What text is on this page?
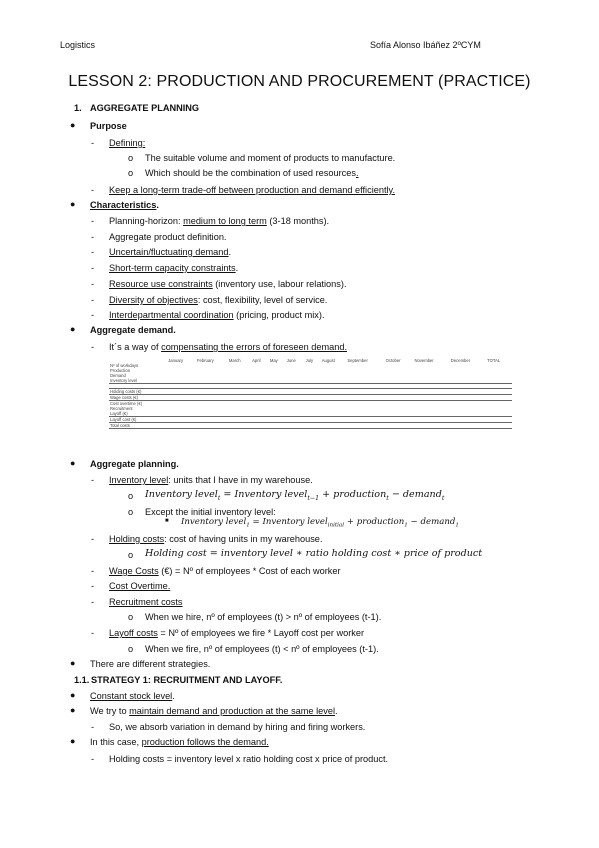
Logistics	Sofía Alonso Ibáñez 2ºCYM
LESSON 2: PRODUCTION AND PROCUREMENT (PRACTICE)
1. AGGREGATE PLANNING
● Purpose
- Defining:
o The suitable volume and moment of products to manufacture.
o Which should be the combination of used resources.
- Keep a long-term trade-off between production and demand efficiently.
● Characteristics.
- Planning-horizon: medium to long term (3-18 months).
- Aggregate product definition.
- Uncertain/fluctuating demand.
- Short-term capacity constraints.
- Resource use constraints (inventory use, labour relations).
- Diversity of objectives: cost, flexibility, level of service.
- Interdepartmental coordination (pricing, product mix).
● Aggregate demand.
- It´s a way of compensating the errors of foreseen demand.
	January	February	March	April	May	June	July	August	September	October	November	December	TOTAL
Nº of workdays													
Production													
Demand													
Inventory level													

Holding costs (€)													
Wage costs (€)													
Cost overtime (€)													
Recruitment													
Layoff (€)													
Layoff cost (€)													
Total costs													
● Aggregate planning.
- Inventory level: units that I have in my warehouse.
o Inventory level$_t$ = Inventory level$_{t-1}$ + production$_t$ − demand$_t$
o Except the initial inventory level:
■ Inventory level$_1$ = Inventory level$_{initial}$ + production$_1$ − demand$_1$
- Holding costs: cost of having units in my warehouse.
o Holding cost = inventory level ∗ ratio holding cost ∗ price of product
- Wage Costs (€) = Nº of employees * Cost of each worker
- Cost Overtime.
- Recruitment costs
o When we hire, nº of employees (t) > nº of employees (t-1).
- Layoff costs = Nº of employees we fire * Layoff cost per worker
o When we fire, nº of employees (t) < nº of employees (t-1).
● There are different strategies.
1.1. STRATEGY 1: RECRUITMENT AND LAYOFF.
● Constant stock level.
● We try to maintain demand and production at the same level.
- So, we absorb variation in demand by hiring and firing workers.
● In this case, production follows the demand.
- Holding costs = inventory level x ratio holding cost x price of product.
